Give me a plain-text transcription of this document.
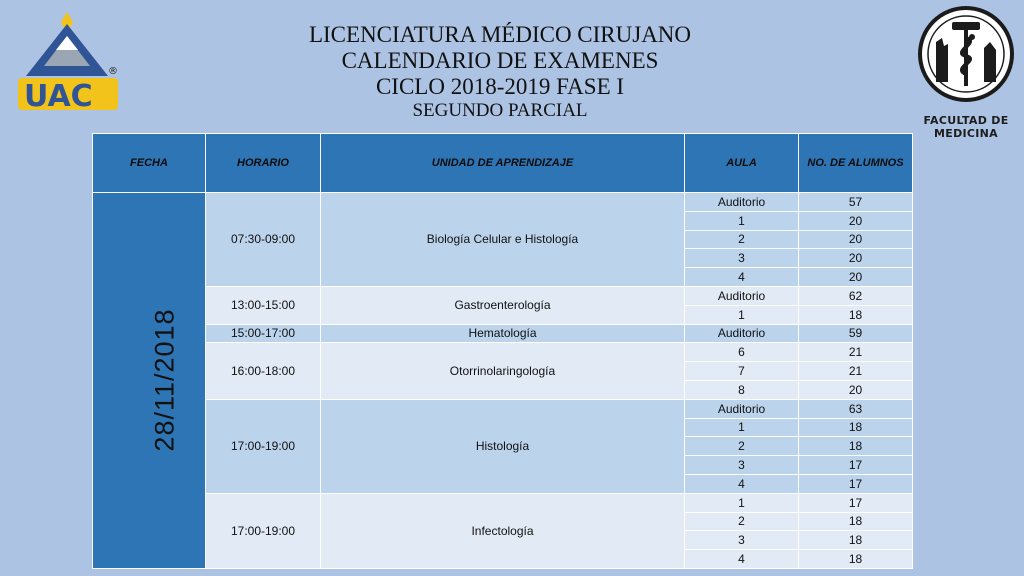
UAC
®
LICENCIATURA MÉDICO CIRUJANO
CALENDARIO DE EXAMENES
CICLO 2018-2019 FASE I
SEGUNDO PARCIAL	FACULTAD DE
MEDICINA
FECHA	HORARIO	UNIDAD DE APRENDIZAJE	AULA	NO. DE ALUMNOS
28/11/2018	07:30-09:00	Biología Celular e Histología	Auditorio	57
			1	20
			2	20
			3	20
			4	20
	13:00-15:00	Gastroenterología	Auditorio	62
			1	18
	15:00-17:00	Hematología	Auditorio	59
	16:00-18:00	Otorrinolaringología	6	21
			7	21
			8	20
	17:00-19:00	Histología	Auditorio	63
			1	18
			2	18
			3	17
			4	17
	17:00-19:00	Infectología	1	17
			2	18
			3	18
			4	18
